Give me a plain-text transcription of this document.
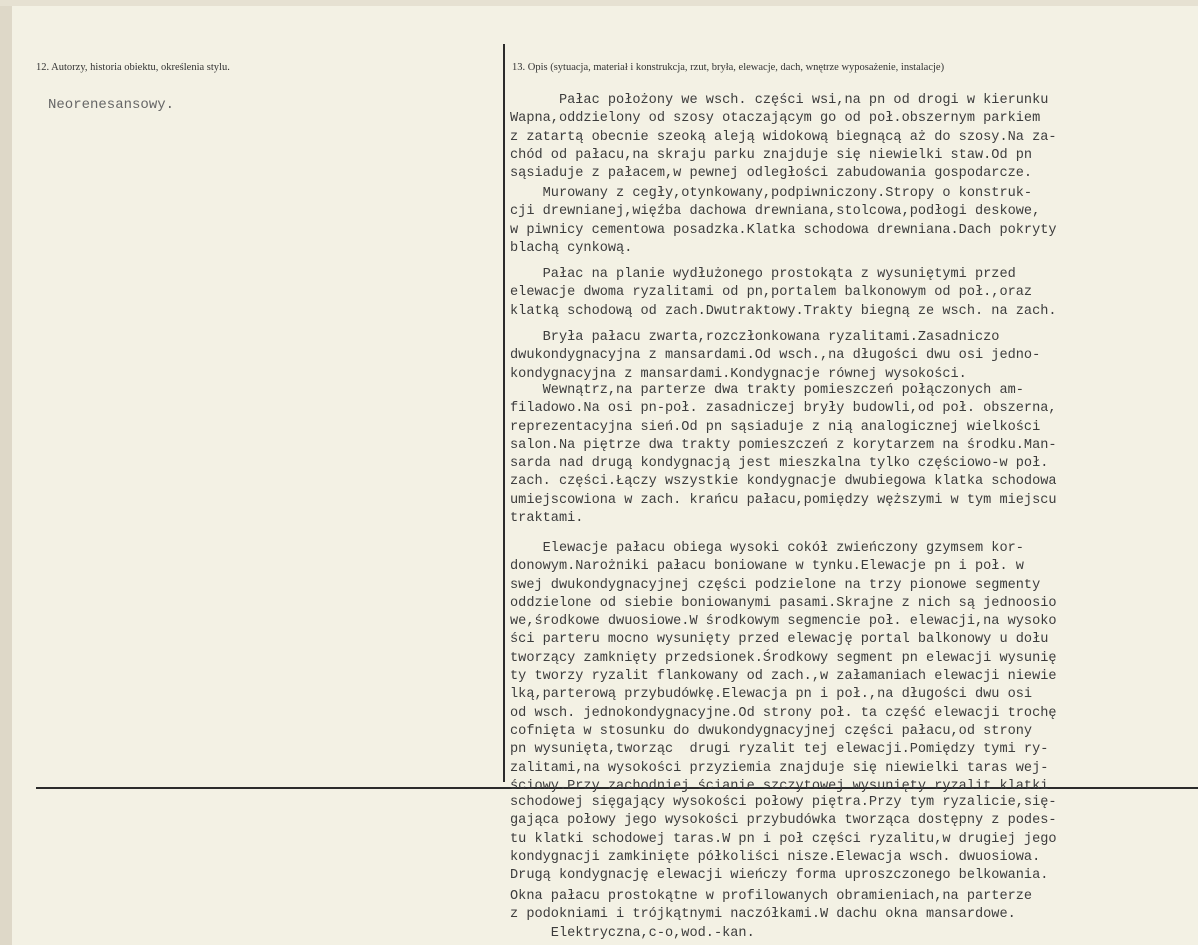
12. Autorzy, historia obiektu, określenia stylu.	13. Opis (sytuacja, materiał i konstrukcja, rzut, bryła, elewacje, dach, wnętrze wyposażenie, instalacje)
Neorenesansowy.	Pałac położony we wsch. części wsi,na pn od drogi w kierunku
Wapna,oddzielony od szosy otaczającym go od poł.obszernym parkiem
z zatartą obecnie szeoką aleją widokową biegnącą aż do szosy.Na za-
chód od pałacu,na skraju parku znajduje się niewielki staw.Od pn
sąsiaduje z pałacem,w pewnej odległości zabudowania gospodarcze.
Murowany z cegły,otynkowany,podpiwniczony.Stropy o konstruk-
cji drewnianej,więźba dachowa drewniana,stolcowa,podłogi deskowe,
w piwnicy cementowa posadzka.Klatka schodowa drewniana.Dach pokryty
blachą cynkową.
Pałac na planie wydłużonego prostokąta z wysuniętymi przed
elewacje dwoma ryzalitami od pn,portalem balkonowym od poł.,oraz
klatką schodową od zach.Dwutraktowy.Trakty biegną ze wsch. na zach.
Bryła pałacu zwarta,rozczłonkowana ryzalitami.Zasadniczo
dwukondygnacyjna z mansardami.Od wsch.,na długości dwu osi jedno-
kondygnacyjna z mansardami.Kondygnacje równej wysokości.
Wewnątrz,na parterze dwa trakty pomieszczeń połączonych am-
filadowo.Na osi pn-poł. zasadniczej bryły budowli,od poł. obszerna,
reprezentacyjna sień.Od pn sąsiaduje z nią analogicznej wielkości
salon.Na piętrze dwa trakty pomieszczeń z korytarzem na środku.Man-
sarda nad drugą kondygnacją jest mieszkalna tylko częściowo-w poł.
zach. części.Łączy wszystkie kondygnacje dwubiegowa klatka schodowa
umiejscowiona w zach. krańcu pałacu,pomiędzy węższymi w tym miejscu
traktami.
Elewacje pałacu obiega wysoki cokół zwieńczony gzymsem kor-
donowym.Narożniki pałacu boniowane w tynku.Elewacje pn i poł. w
swej dwukondygnacyjnej części podzielone na trzy pionowe segmenty
oddzielone od siebie boniowanymi pasami.Skrajne z nich są jednoosio
we,środkowe dwuosiowe.W środkowym segmencie poł. elewacji,na wysoko
ści parteru mocno wysunięty przed elewację portal balkonowy u dołu
tworzący zamknięty przedsionek.Środkowy segment pn elewacji wysunię
ty tworzy ryzalit flankowany od zach.,w załamaniach elewacji niewie
lką,parterową przybudówkę.Elewacja pn i poł.,na długości dwu osi
od wsch. jednokondygnacyjne.Od strony poł. ta część elewacji trochę
cofnięta w stosunku do dwukondygnacyjnej części pałacu,od strony
pn wysunięta,tworząc  drugi ryzalit tej elewacji.Pomiędzy tymi ry-
zalitami,na wysokości przyziemia znajduje się niewielki taras wej-
ściowy.Przy zachodniej ścianie szczytowej wysunięty ryzalit klatki
schodowej sięgający wysokości połowy piętra.Przy tym ryzalicie,się-
gająca połowy jego wysokości przybudówka tworząca dostępny z podes-
tu klatki schodowej taras.W pn i poł części ryzalitu,w drugiej jego
kondygnacji zamkinięte półkoliści nisze.Elewacja wsch. dwuosiowa.
Drugą kondygnację elewacji wieńczy forma uproszczonego belkowania.
Okna pałacu prostokątne w profilowanych obramieniach,na parterze
z podokniami i trójkątnymi naczółkami.W dachu okna mansardowe.
Elektryczna,c-o,wod.-kan.
